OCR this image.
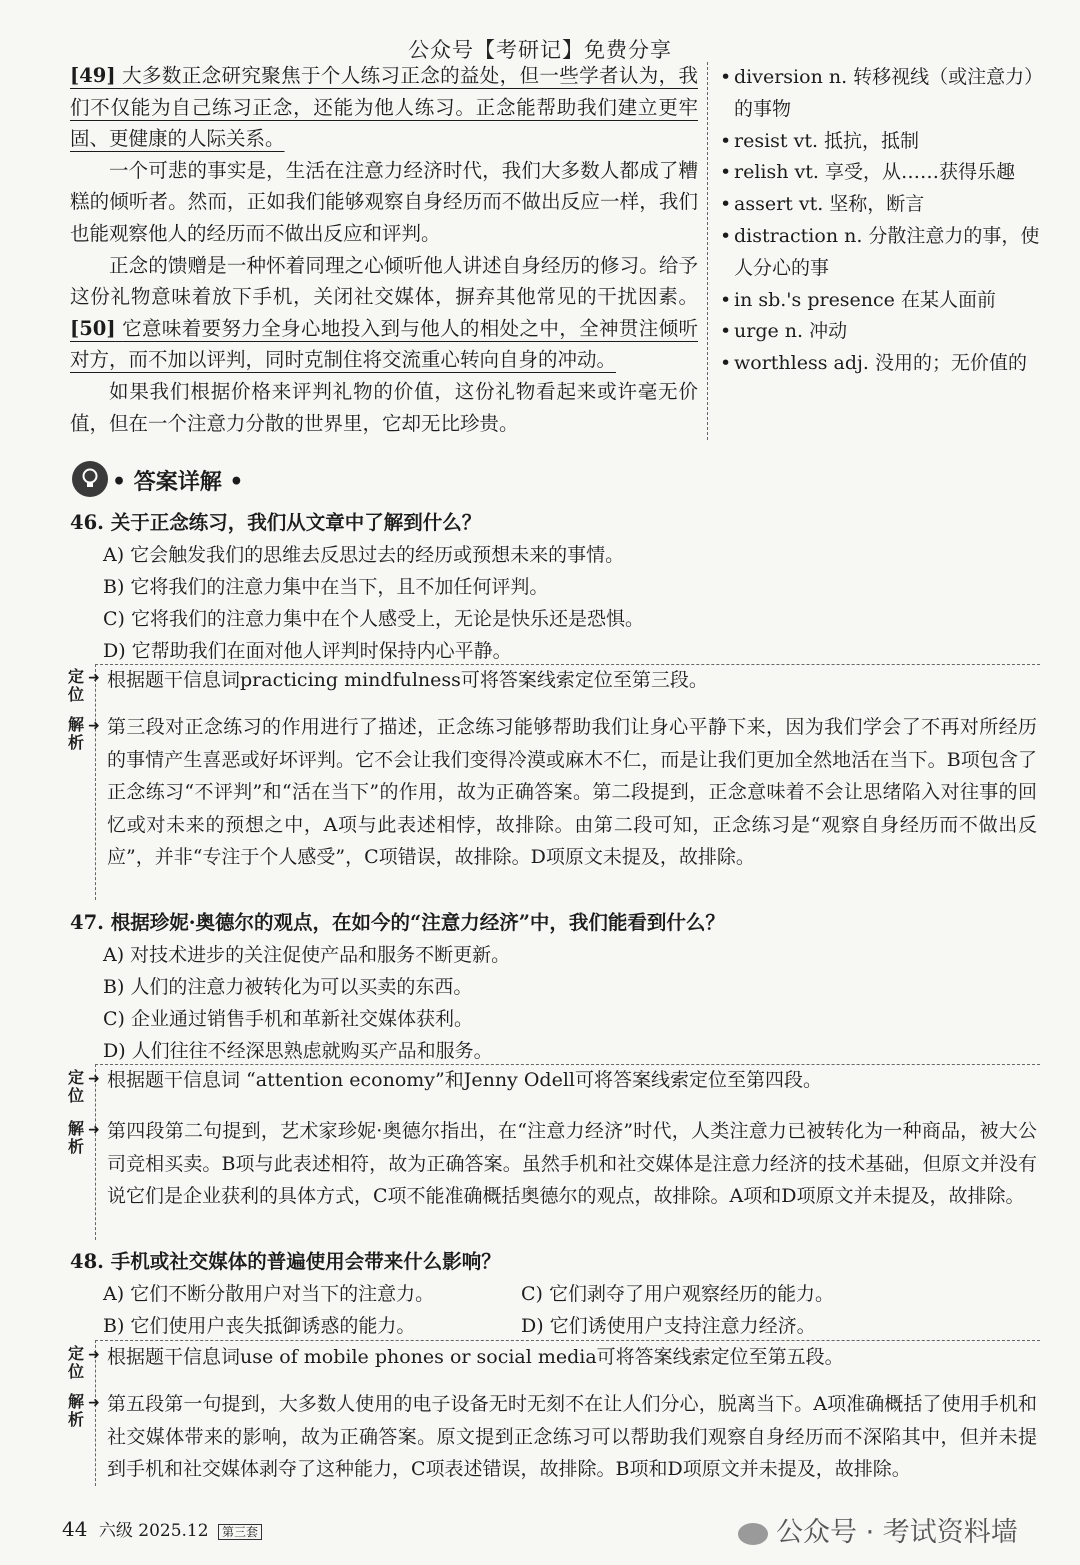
公众号【考研记】免费分享

[49] 大多数正念研究聚焦于个人练习正念的益处，但一些学者认为，我们不仅能为自己练习正念，还能为他人练习。正念能帮助我们建立更牢固、更健康的人际关系。

一个可悲的事实是，生活在注意力经济时代，我们大多数人都成了糟糕的倾听者。然而，正如我们能够观察自身经历而不做出反应一样，我们也能观察他人的经历而不做出反应和评判。

正念的馈赠是一种怀着同理之心倾听他人讲述自身经历的修习。给予这份礼物意味着放下手机，关闭社交媒体，摒弃其他常见的干扰因素。[50] 它意味着要努力全身心地投入到与他人的相处之中，全神贯注倾听对方，而不加以评判，同时克制住将交流重心转向自身的冲动。

如果我们根据价格来评判礼物的价值，这份礼物看起来或许毫无价值，但在一个注意力分散的世界里，它却无比珍贵。

• diversion n. 转移视线（或注意力）的事物
• resist vt. 抵抗，抵制
• relish vt. 享受，从……获得乐趣
• assert vt. 坚称，断言
• distraction n. 分散注意力的事，使人分心的事
• in sb.'s presence 在某人面前
• urge n. 冲动
• worthless adj. 没用的；无价值的
• 答案详解 •
46. 关于正念练习，我们从文章中了解到什么？
A) 它会触发我们的思维去反思过去的经历或预想未来的事情。
B) 它将我们的注意力集中在当下，且不加任何评判。
C) 它将我们的注意力集中在个人感受上，无论是快乐还是恐惧。
D) 它帮助我们在面对他人评判时保持内心平静。
定位
➜ 根据题干信息词practicing mindfulness可将答案线索定位至第三段。
解析
➜ 第三段对正念练习的作用进行了描述，正念练习能够帮助我们让身心平静下来，因为我们学会了不再对所经历的事情产生喜恶或好坏评判。它不会让我们变得冷漠或麻木不仁，而是让我们更加全然地活在当下。B项包含了正念练习“不评判”和“活在当下”的作用，故为正确答案。第二段提到，正念意味着不会让思绪陷入对往事的回忆或对未来的预想之中，A项与此表述相悖，故排除。由第二段可知，正念练习是“观察自身经历而不做出反应”，并非“专注于个人感受”，C项错误，故排除。D项原文未提及，故排除。
47. 根据珍妮·奥德尔的观点，在如今的“注意力经济”中，我们能看到什么？
A) 对技术进步的关注促使产品和服务不断更新。
B) 人们的注意力被转化为可以买卖的东西。
C) 企业通过销售手机和革新社交媒体获利。
D) 人们往往不经深思熟虑就购买产品和服务。
定位
➜ 根据题干信息词 “attention economy”和Jenny Odell可将答案线索定位至第四段。
解析
➜ 第四段第二句提到，艺术家珍妮·奥德尔指出，在“注意力经济”时代，人类注意力已被转化为一种商品，被大公司竞相买卖。B项与此表述相符，故为正确答案。虽然手机和社交媒体是注意力经济的技术基础，但原文并没有说它们是企业获利的具体方式，C项不能准确概括奥德尔的观点，故排除。A项和D项原文并未提及，故排除。
48. 手机或社交媒体的普遍使用会带来什么影响？
A) 它们不断分散用户对当下的注意力。	C) 它们剥夺了用户观察经历的能力。
B) 它们使用户丧失抵御诱惑的能力。	D) 它们诱使用户支持注意力经济。
定位
➜ 根据题干信息词use of mobile phones or social media可将答案线索定位至第五段。
解析
➜ 第五段第一句提到，大多数人使用的电子设备无时无刻不在让人们分心，脱离当下。A项准确概括了使用手机和社交媒体带来的影响，故为正确答案。原文提到正念练习可以帮助我们观察自身经历而不深陷其中，但并未提到手机和社交媒体剥夺了这种能力，C项表述错误，故排除。B项和D项原文并未提及，故排除。
44 六级 2025.12 第三套	公众号 · 考试资料墙
